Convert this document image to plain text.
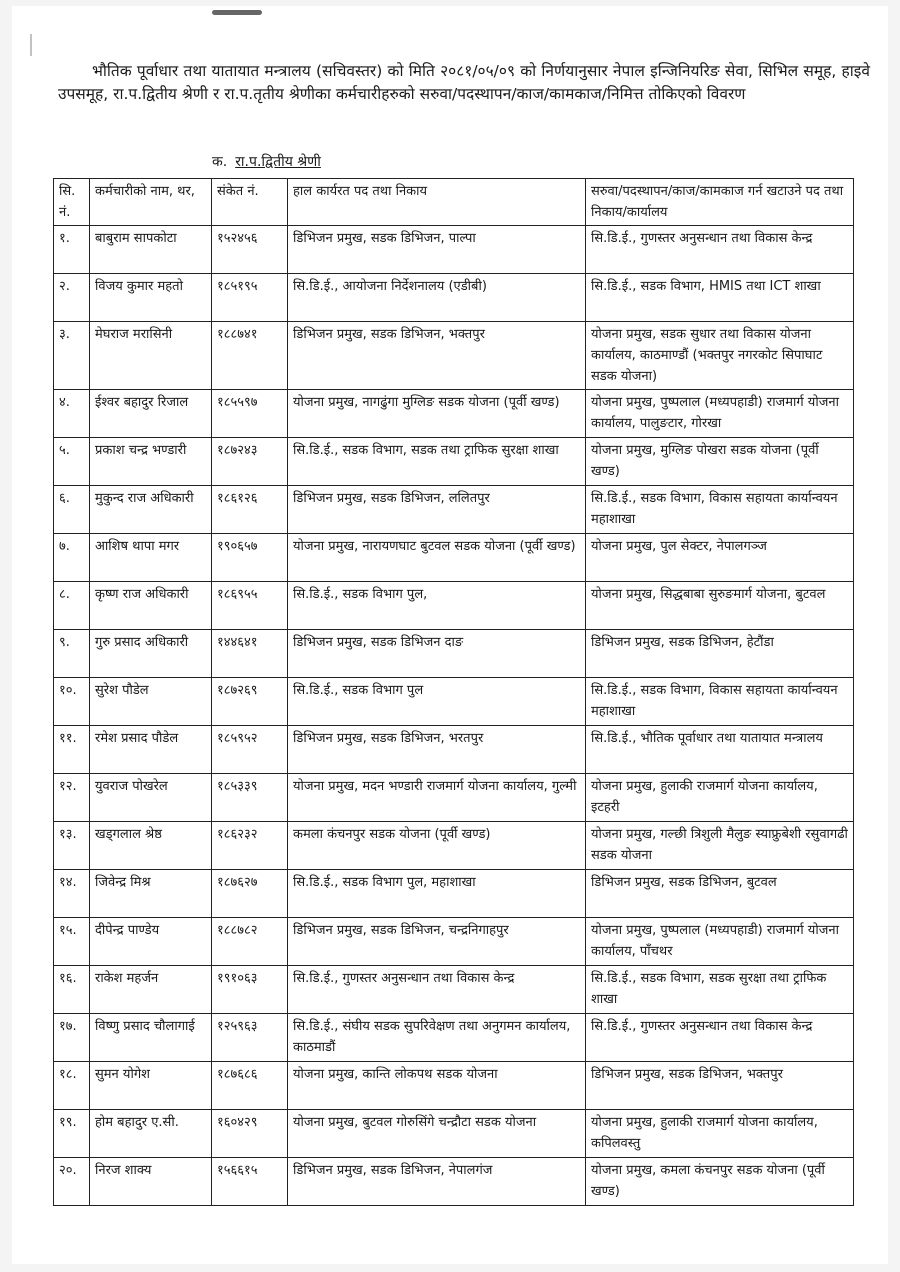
भौतिक पूर्वाधार तथा यातायात मन्त्रालय (सचिवस्तर) को मिति २०८१/०५/०९ को निर्णयानुसार नेपाल इन्जिनियरिङ सेवा, सिभिल समूह, हाइवे उपसमूह, रा.प.द्वितीय श्रेणी र रा.प.तृतीय श्रेणीका कर्मचारीहरुको सरुवा/पदस्थापन/काज/कामकाज/निमित्त तोकिएको विवरण

क. रा.प.द्वितीय श्रेणी
सि. नं.	कर्मचारीको नाम, थर,	संकेत नं.	हाल कार्यरत पद तथा निकाय	सरुवा/पदस्थापन/काज/कामकाज गर्न खटाउने पद तथा निकाय/कार्यालय
१.	बाबुराम सापकोटा	१५२४५६	डिभिजन प्रमुख, सडक डिभिजन, पाल्पा	सि.डि.ई., गुणस्तर अनुसन्धान तथा विकास केन्द्र
२.	विजय कुमार महतो	१८५१९५	सि.डि.ई., आयोजना निर्देशनालय (एडीबी)	सि.डि.ई., सडक विभाग, HMIS तथा ICT शाखा
३.	मेघराज मरासिनी	१८८७४१	डिभिजन प्रमुख, सडक डिभिजन, भक्तपुर	योजना प्रमुख, सडक सुधार तथा विकास योजना कार्यालय, काठमाण्डौं (भक्तपुर नगरकोट सिपाघाट सडक योजना)
४.	ईश्वर बहादुर रिजाल	१८५५९७	योजना प्रमुख, नागढुंगा मुग्लिङ सडक योजना (पूर्वी खण्ड)	योजना प्रमुख, पुष्पलाल (मध्यपहाडी) राजमार्ग योजना कार्यालय, पालुङटार, गोरखा
५.	प्रकाश चन्द्र भण्डारी	१८७२४३	सि.डि.ई., सडक विभाग, सडक तथा ट्राफिक सुरक्षा शाखा	योजना प्रमुख, मुग्लिङ पोखरा सडक योजना (पूर्वी खण्ड)
६.	मुकुन्द राज अधिकारी	१८६१२६	डिभिजन प्रमुख, सडक डिभिजन, ललितपुर	सि.डि.ई., सडक विभाग, विकास सहायता कार्यान्वयन महाशाखा
७.	आशिष थापा मगर	१९०६५७	योजना प्रमुख, नारायणघाट बुटवल सडक योजना (पूर्वी खण्ड)	योजना प्रमुख, पुल सेक्टर, नेपालगञ्ज
८.	कृष्ण राज अधिकारी	१८६९५५	सि.डि.ई., सडक विभाग पुल,	योजना प्रमुख, सिद्धबाबा सुरुङमार्ग योजना, बुटवल
९.	गुरु प्रसाद अधिकारी	१४४६४१	डिभिजन प्रमुख, सडक डिभिजन दाङ	डिभिजन प्रमुख, सडक डिभिजन, हेटौंडा
१०.	सुरेश पौडेल	१८७२६९	सि.डि.ई., सडक विभाग पुल	सि.डि.ई., सडक विभाग, विकास सहायता कार्यान्वयन महाशाखा
११.	रमेश प्रसाद पौडेल	१८५९५२	डिभिजन प्रमुख, सडक डिभिजन, भरतपुर	सि.डि.ई., भौतिक पूर्वाधार तथा यातायात मन्त्रालय
१२.	युवराज पोखरेल	१८५३३९	योजना प्रमुख, मदन भण्डारी राजमार्ग योजना कार्यालय, गुल्मी	योजना प्रमुख, हुलाकी राजमार्ग योजना कार्यालय, इटहरी
१३.	खड्गलाल श्रेष्ठ	१८६२३२	कमला कंचनपुर सडक योजना (पूर्वी खण्ड)	योजना प्रमुख, गल्छी त्रिशुली मैलुङ स्याफ्रुबेशी रसुवागढी सडक योजना
१४.	जिवेन्द्र मिश्र	१८७६२७	सि.डि.ई., सडक विभाग पुल, महाशाखा	डिभिजन प्रमुख, सडक डिभिजन, बुटवल
१५.	दीपेन्द्र पाण्डेय	१८८७८२	डिभिजन प्रमुख, सडक डिभिजन, चन्द्रनिगाहपुर	योजना प्रमुख, पुष्पलाल (मध्यपहाडी) राजमार्ग योजना कार्यालय, पाँचथर
१६.	राकेश महर्जन	१९१०६३	सि.डि.ई., गुणस्तर अनुसन्धान तथा विकास केन्द्र	सि.डि.ई., सडक विभाग, सडक सुरक्षा तथा ट्राफिक शाखा
१७.	विष्णु प्रसाद चौलागाई	१२५९६३	सि.डि.ई., संघीय सडक सुपरिवेक्षण तथा अनुगमन कार्यालय, काठमाडौं	सि.डि.ई., गुणस्तर अनुसन्धान तथा विकास केन्द्र
१८.	सुमन योगेश	१८७६८६	योजना प्रमुख, कान्ति लोकपथ सडक योजना	डिभिजन प्रमुख, सडक डिभिजन, भक्तपुर
१९.	होम बहादुर ए.सी.	१६०४२९	योजना प्रमुख, बुटवल गोरुसिंगे चन्द्रौटा सडक योजना	योजना प्रमुख, हुलाकी राजमार्ग योजना कार्यालय, कपिलवस्तु
२०.	निरज शाक्य	१५६६१५	डिभिजन प्रमुख, सडक डिभिजन, नेपालगंज	योजना प्रमुख, कमला कंचनपुर सडक योजना (पूर्वी खण्ड)
